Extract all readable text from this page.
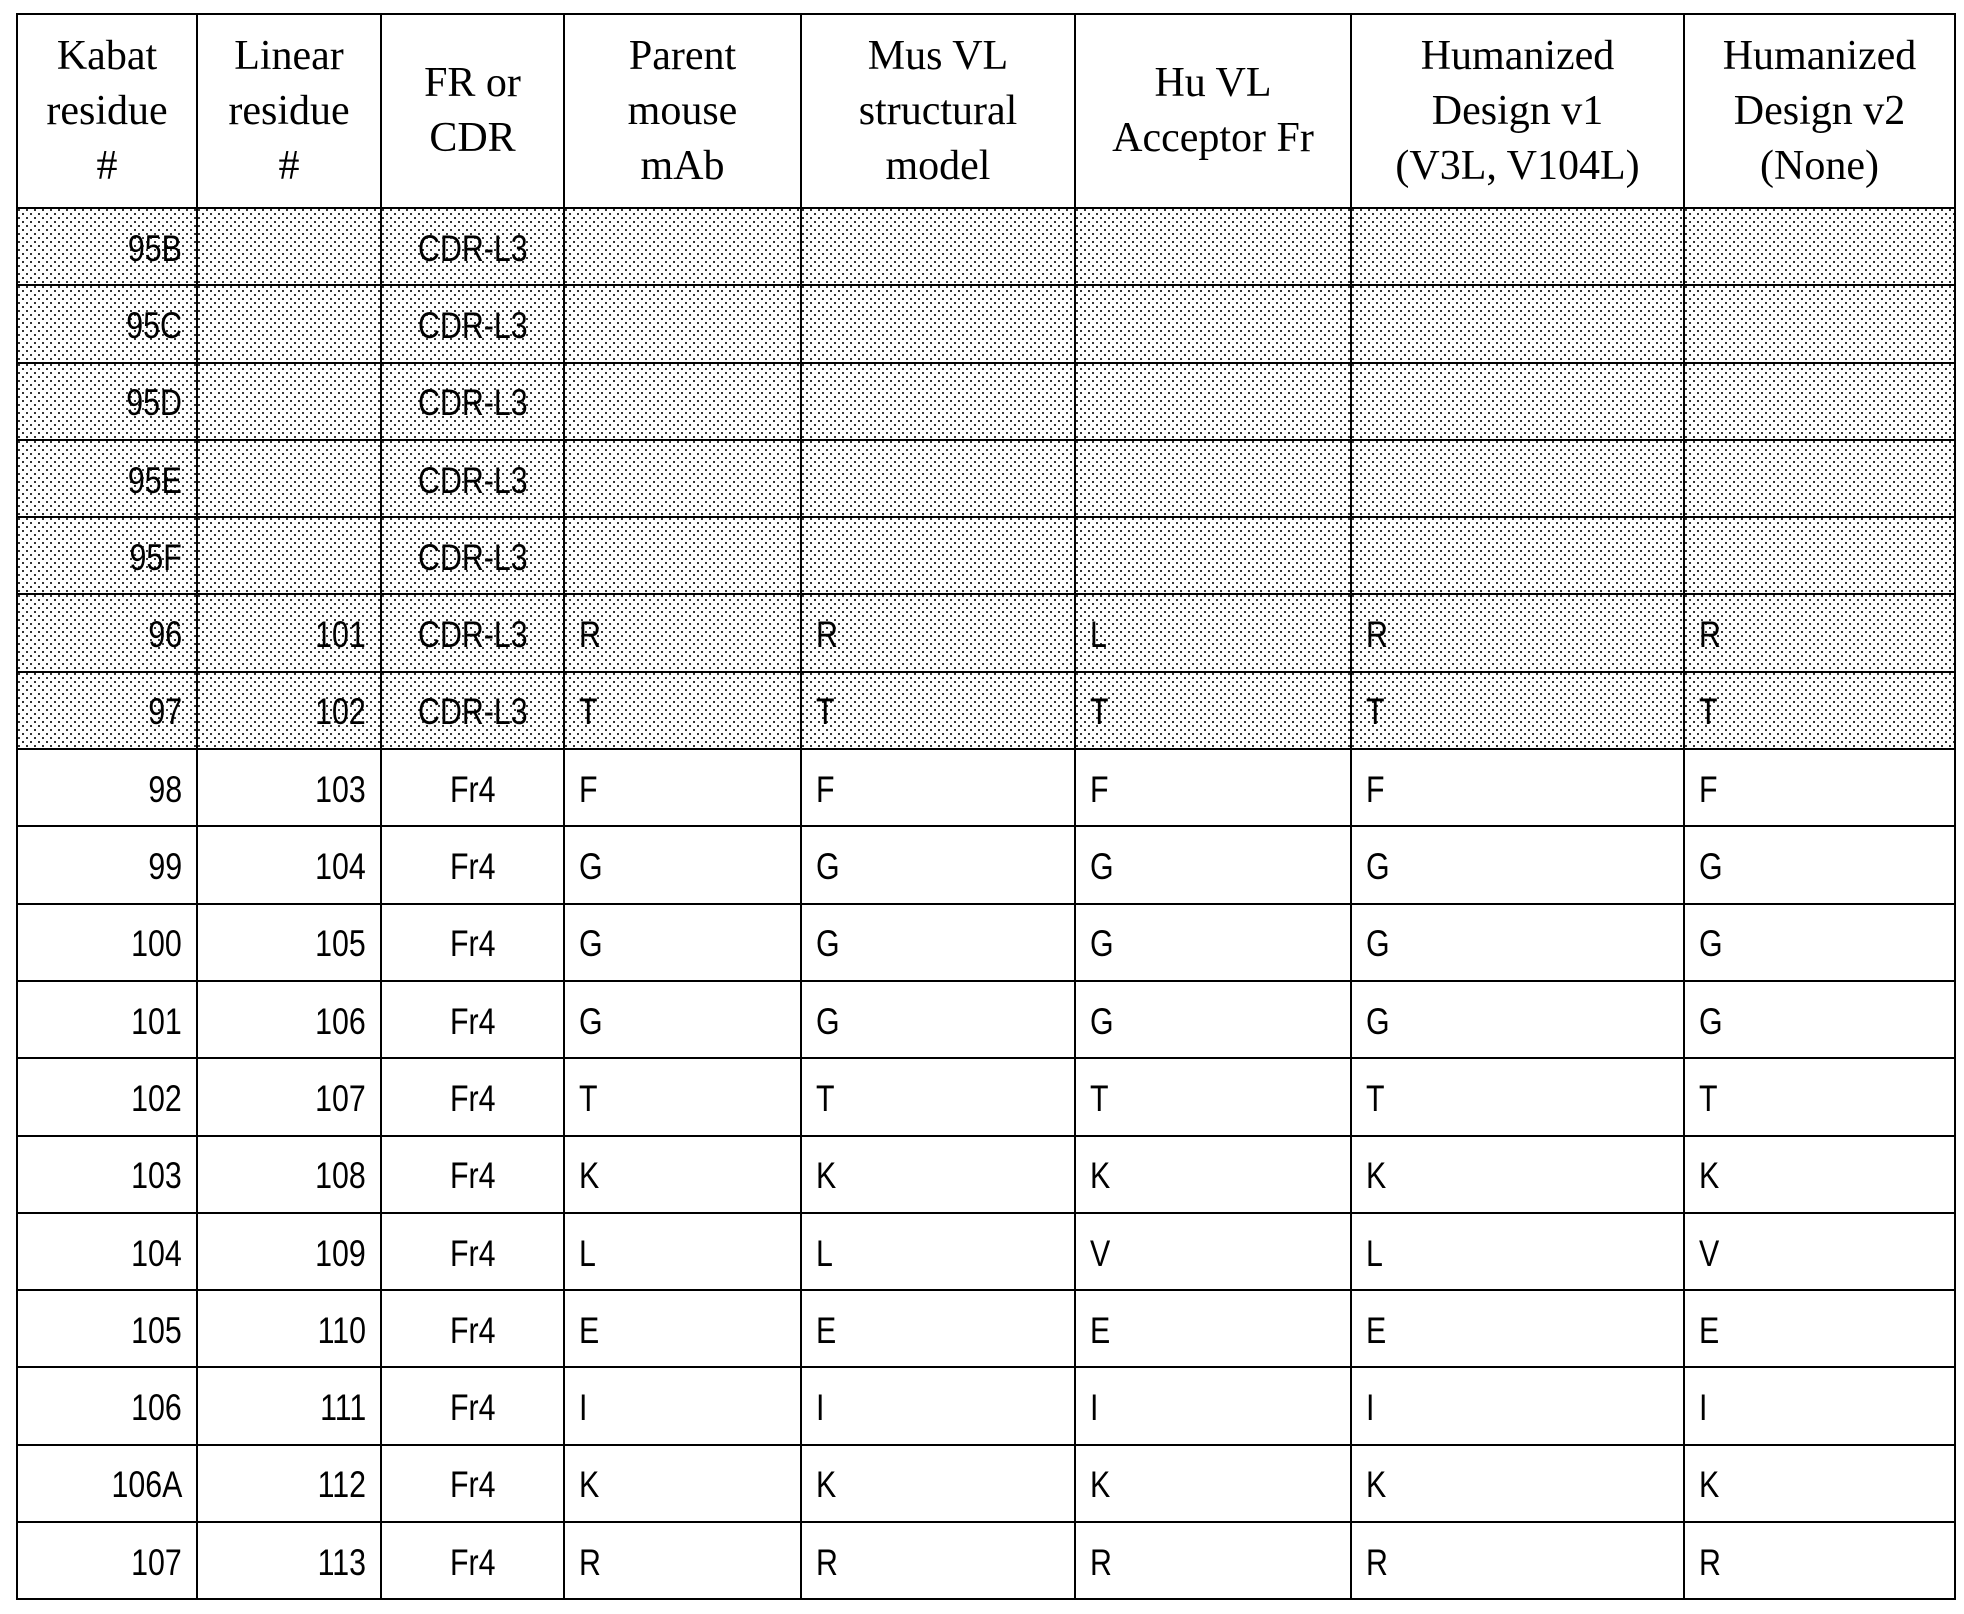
Kabat
residue
#	Linear
residue
#	FR or
CDR	Parent
mouse
mAb	Mus VL
structural
model	Hu VL
Acceptor Fr	Humanized
Design v1
(V3L, V104L)	Humanized
Design v2
(None)
95B		CDR-L3					
95C		CDR-L3					
95D		CDR-L3					
95E		CDR-L3					
95F		CDR-L3					
96	101	CDR-L3	R	R	L	R	R
97	102	CDR-L3	T	T	T	T	T
98	103	Fr4	F	F	F	F	F
99	104	Fr4	G	G	G	G	G
100	105	Fr4	G	G	G	G	G
101	106	Fr4	G	G	G	G	G
102	107	Fr4	T	T	T	T	T
103	108	Fr4	K	K	K	K	K
104	109	Fr4	L	L	V	L	V
105	110	Fr4	E	E	E	E	E
106	111	Fr4	I	I	I	I	I
106A	112	Fr4	K	K	K	K	K
107	113	Fr4	R	R	R	R	R
